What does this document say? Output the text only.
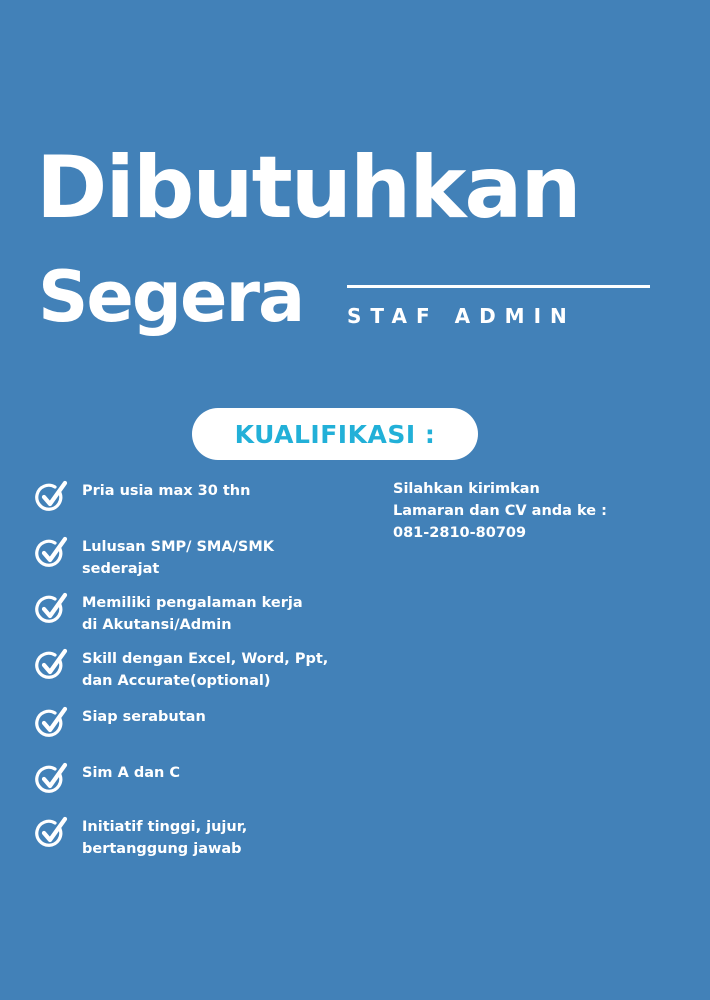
Dibutuhkan
Segera STAF ADMIN
KUALIFIKASI :
Pria usia max 30 thn
Lulusan SMP/ SMA/SMK
sederajat
Memiliki pengalaman kerja
di Akutansi/Admin
Skill dengan Excel, Word, Ppt,
dan Accurate(optional)
Siap serabutan
Sim A dan C
Initiatif tinggi, jujur,
bertanggung jawab
Silahkan kirimkan
Lamaran dan CV anda ke :
081-2810-80709
